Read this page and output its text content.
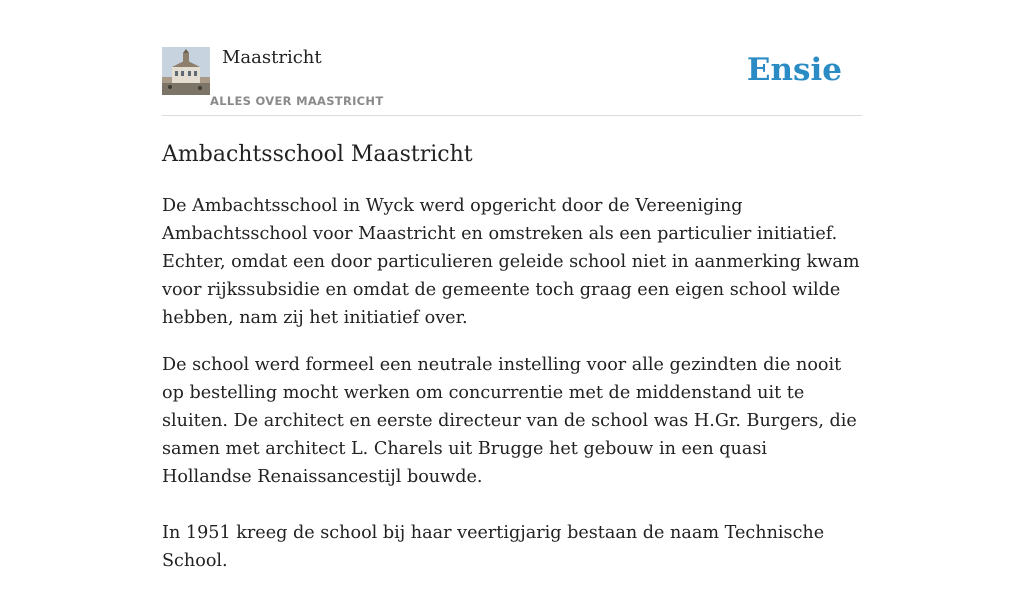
Maastricht
ALLES OVER MAASTRICHT
Ensie
Ambachtsschool Maastricht

De Ambachtsschool in Wyck werd opgericht door de Vereeniging Ambachtsschool voor Maastricht en omstreken als een particulier initiatief. Echter, omdat een door particulieren geleide school niet in aanmerking kwam voor rijkssubsidie en omdat de gemeente toch graag een eigen school wilde hebben, nam zij het initiatief over.

De school werd formeel een neutrale instelling voor alle gezindten die nooit op bestelling mocht werken om concurrentie met de middenstand uit te sluiten. De architect en eerste directeur van de school was H.Gr. Burgers, die samen met architect L. Charels uit Brugge het gebouw in een quasi Hollandse Renaissancestijl bouwde.

In 1951 kreeg de school bij haar veertigjarig bestaan de naam Technische School.
